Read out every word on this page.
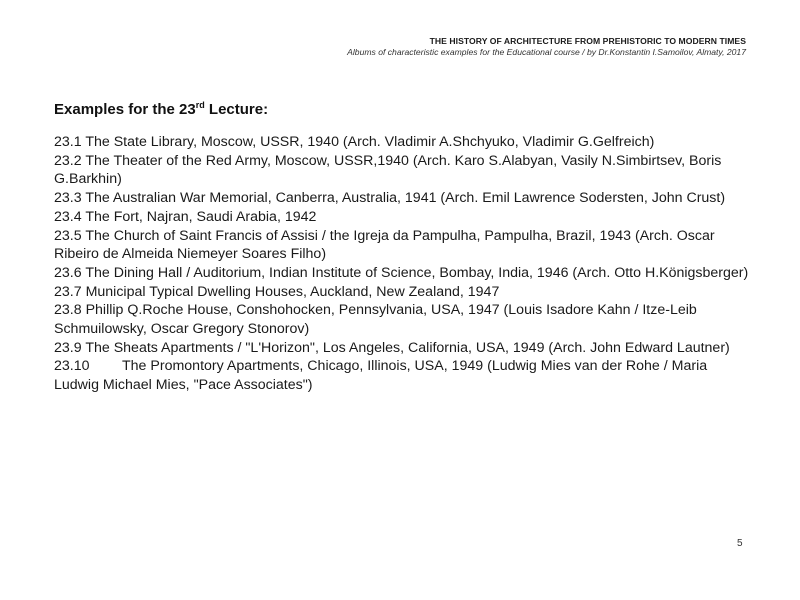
THE HISTORY OF ARCHITECTURE FROM PREHISTORIC TO MODERN TIMES
Albums of characteristic examples for the Educational course / by Dr.Konstantin I.Samoilov, Almaty, 2017
Examples for the 23rd Lecture:
23.1 The State Library, Moscow, USSR, 1940 (Arch. Vladimir A.Shchyuko, Vladimir G.Gelfreich)
23.2 The Theater of the Red Army, Moscow, USSR,1940 (Arch. Karo S.Alabyan, Vasily N.Simbirtsev, Boris G.Barkhin)
23.3 The Australian War Memorial, Canberra, Australia, 1941 (Arch. Emil Lawrence Sodersten, John Crust)
23.4 The Fort, Najran, Saudi Arabia, 1942
23.5 The Church of Saint Francis of Assisi / the Igreja da Pampulha, Pampulha, Brazil, 1943 (Arch. Oscar Ribeiro de Almeida Niemeyer Soares Filho)
23.6 The Dining Hall / Auditorium, Indian Institute of Science, Bombay, India, 1946 (Arch. Otto H.Königsberger)
23.7 Municipal Typical Dwelling Houses, Auckland, New Zealand, 1947
23.8 Phillip Q.Roche House, Conshohocken, Pennsylvania, USA, 1947 (Louis Isadore Kahn / Itze-Leib Schmuilowsky, Oscar Gregory Stonorov)
23.9 The Sheats Apartments / "L'Horizon", Los Angeles, California, USA, 1949 (Arch. John Edward Lautner)
23.10 The Promontory Apartments, Chicago, Illinois, USA, 1949 (Ludwig Mies van der Rohe / Maria Ludwig Michael Mies, "Pace Associates")
5
